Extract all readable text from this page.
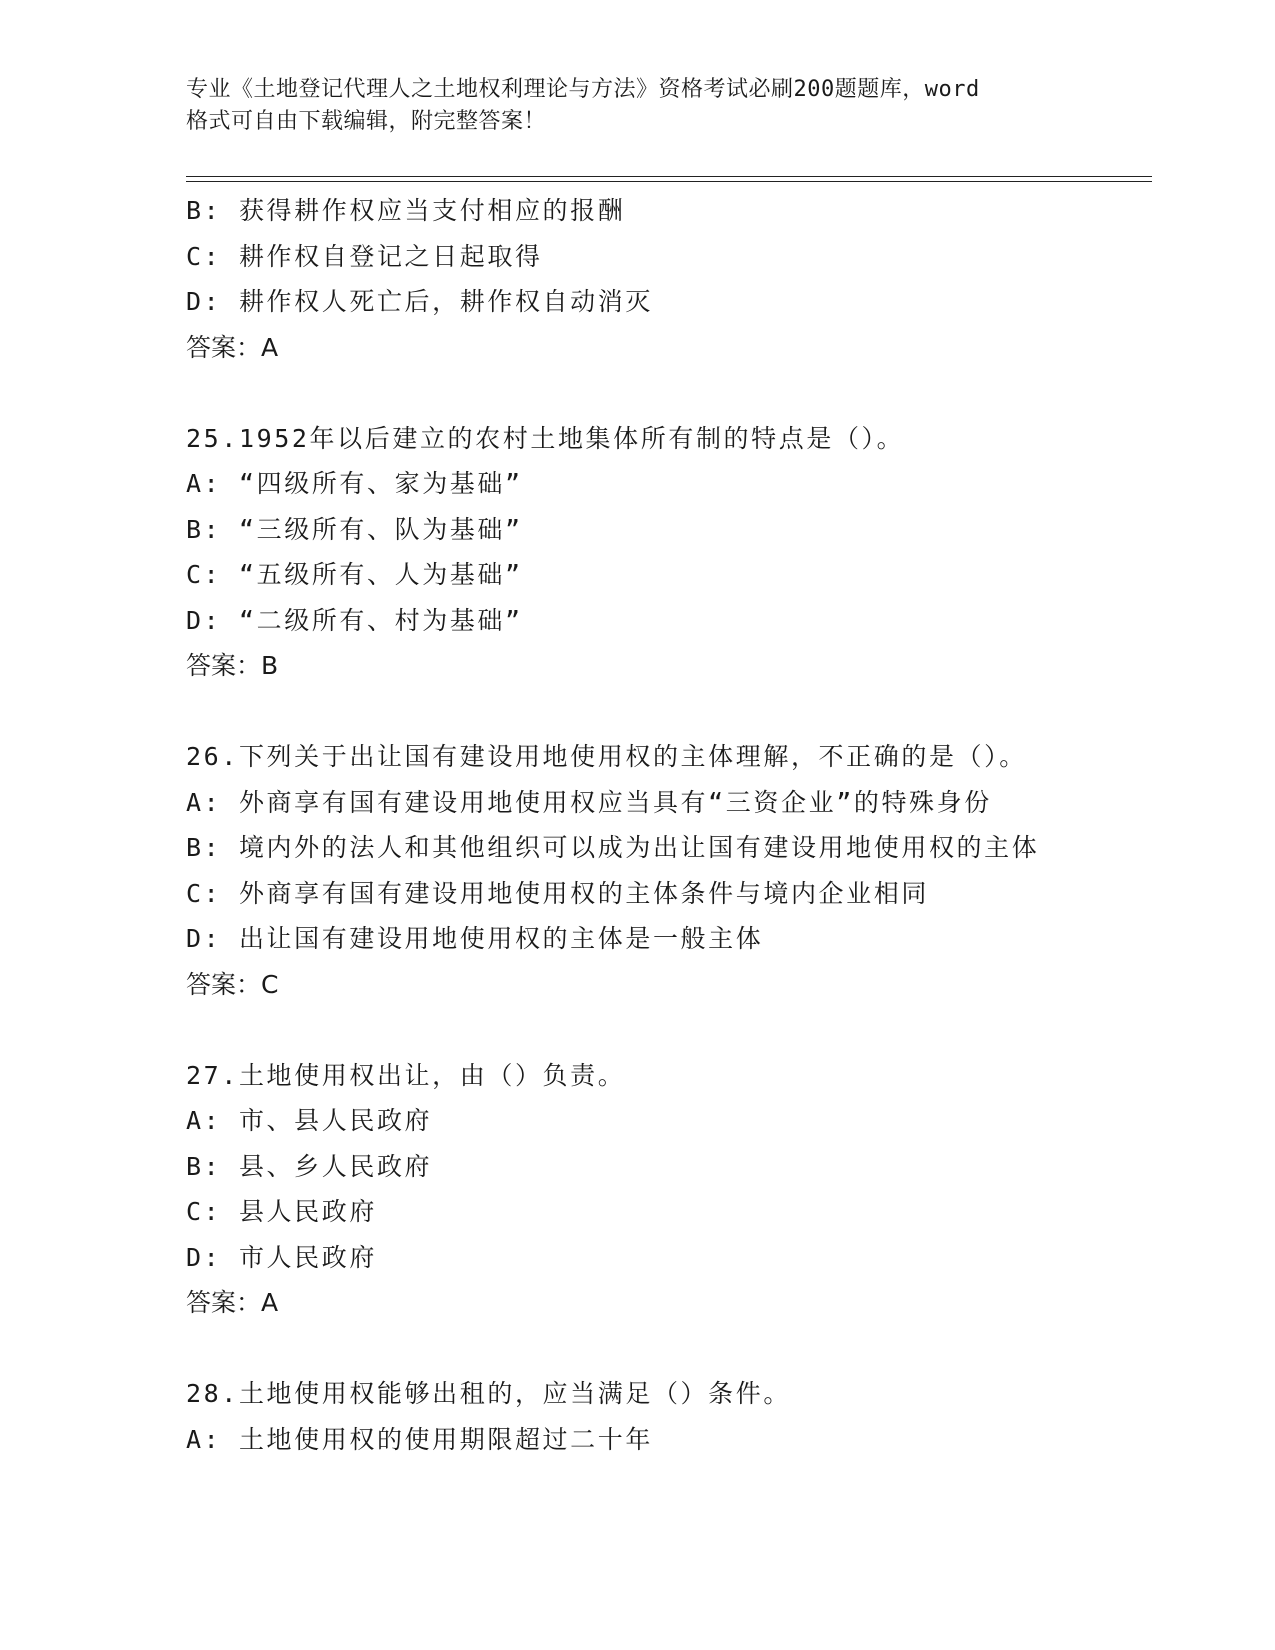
专业《土地登记代理人之土地权利理论与方法》资格考试必刷200题题库，word
格式可自由下载编辑，附完整答案！
B: 获得耕作权应当支付相应的报酬
C: 耕作权自登记之日起取得
D: 耕作权人死亡后，耕作权自动消灭
答案：A
25.1952年以后建立的农村土地集体所有制的特点是（）。
A: “四级所有、家为基础”
B: “三级所有、队为基础”
C: “五级所有、人为基础”
D: “二级所有、村为基础”
答案：B
26.下列关于出让国有建设用地使用权的主体理解，不正确的是（）。
A: 外商享有国有建设用地使用权应当具有“三资企业”的特殊身份
B: 境内外的法人和其他组织可以成为出让国有建设用地使用权的主体
C: 外商享有国有建设用地使用权的主体条件与境内企业相同
D: 出让国有建设用地使用权的主体是一般主体
答案：C
27.土地使用权出让，由（）负责。
A: 市、县人民政府
B: 县、乡人民政府
C: 县人民政府
D: 市人民政府
答案：A
28.土地使用权能够出租的，应当满足（）条件。
A: 土地使用权的使用期限超过二十年
